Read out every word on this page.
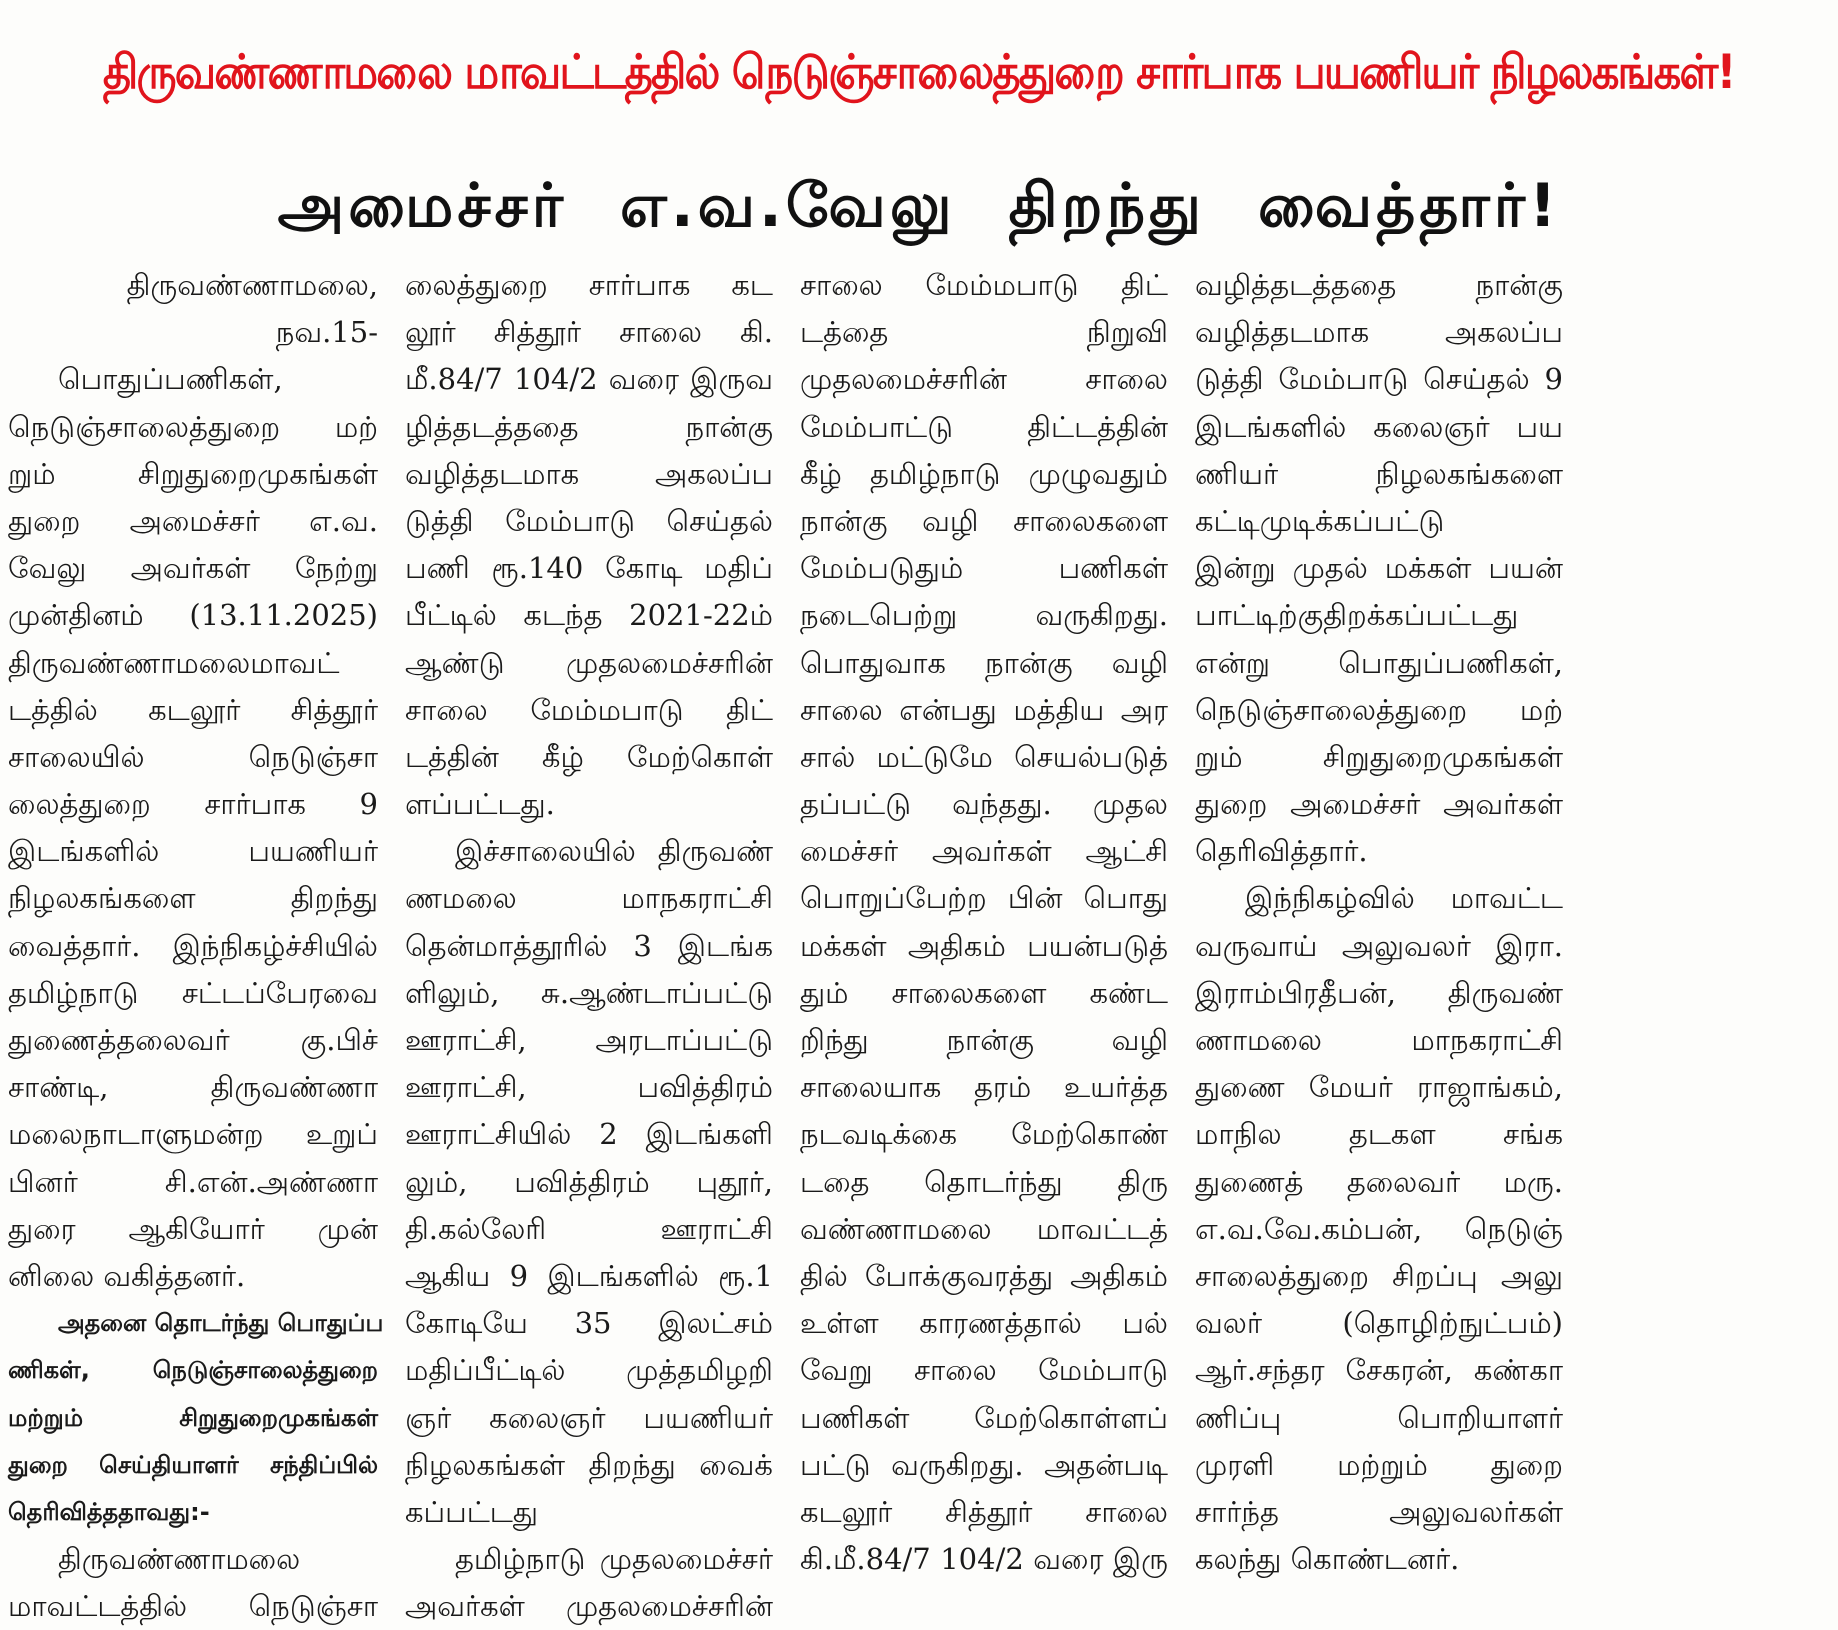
திருவண்ணாமலை மாவட்டத்தில் நெடுஞ்சாலைத்துறை சார்பாக பயணியர் நிழலகங்கள்!
அமைச்சர் எ.வ.வேலு திறந்து வைத்தார்!
திருவண்ணாமலை,
நவ.15-
பொதுப்பணிகள்,
நெடுஞ்சாலைத்துறை மற்
றும் சிறுதுறைமுகங்கள்
துறை அமைச்சர் எ.வ.
வேலு அவர்கள் நேற்று
முன்தினம் (13.11.2025)
திருவண்ணாமலைமாவட்
டத்தில் கடலூர் சித்தூர்
சாலையில் நெடுஞ்சா
லைத்துறை சார்பாக 9
இடங்களில் பயணியர்
நிழலகங்களை திறந்து
வைத்தார். இந்நிகழ்ச்சியில்
தமிழ்நாடு சட்டப்பேரவை
துணைத்தலைவர் கு.பிச்
சாண்டி, திருவண்ணா
மலைநாடாளுமன்ற உறுப்
பினர் சி.என்.அண்ணா
துரை ஆகியோர் முன்
னிலை வகித்தனர்.
அதனை தொடர்ந்து பொதுப்ப
ணிகள், நெடுஞ்சாலைத்துறை
மற்றும் சிறுதுறைமுகங்கள்
துறை செய்தியாளர் சந்திப்பில்
தெரிவித்ததாவது:-
திருவண்ணாமலை
மாவட்டத்தில் நெடுஞ்சா
லைத்துறை சார்பாக கட
லூர் சித்தூர் சாலை கி.
மீ.84/7 104/2 வரை இருவ
ழித்தடத்ததை நான்கு
வழித்தடமாக அகலப்ப
டுத்தி மேம்பாடு செய்தல்
பணி ரூ.140 கோடி மதிப்
பீட்டில் கடந்த 2021-22ம்
ஆண்டு முதலமைச்சரின்
சாலை மேம்மபாடு திட்
டத்தின் கீழ் மேற்கொள்
ளப்பட்டது.
இச்சாலையில் திருவண்
ணமலை மாநகராட்சி
தென்மாத்தூரில் 3 இடங்க
ளிலும், சு.ஆண்டாப்பட்டு
ஊராட்சி, அரடாப்பட்டு
ஊராட்சி, பவித்திரம்
ஊராட்சியில் 2 இடங்களி
லும், பவித்திரம் புதூர்,
தி.கல்லேரி ஊராட்சி
ஆகிய 9 இடங்களில் ரூ.1
கோடியே 35 இலட்சம்
மதிப்பீட்டில் முத்தமிழறி
ஞர் கலைஞர் பயணியர்
நிழலகங்கள் திறந்து வைக்
கப்பட்டது
தமிழ்நாடு முதலமைச்சர்
அவர்கள் முதலமைச்சரின்
சாலை மேம்மபாடு திட்
டத்தை நிறுவி
முதலமைச்சரின் சாலை
மேம்பாட்டு திட்டத்தின்
கீழ் தமிழ்நாடு முழுவதும்
நான்கு வழி சாலைகளை
மேம்படுதும் பணிகள்
நடைபெற்று வருகிறது.
பொதுவாக நான்கு வழி
சாலை என்பது மத்திய அர
சால் மட்டுமே செயல்படுத்
தப்பட்டு வந்தது. முதல
மைச்சர் அவர்கள் ஆட்சி
பொறுப்பேற்ற பின் பொது
மக்கள் அதிகம் பயன்படுத்
தும் சாலைகளை கண்ட
றிந்து நான்கு வழி
சாலையாக தரம் உயர்த்த
நடவடிக்கை மேற்கொண்
டதை தொடர்ந்து திரு
வண்ணாமலை மாவட்டத்
தில் போக்குவரத்து அதிகம்
உள்ள காரணத்தால் பல்
வேறு சாலை மேம்பாடு
பணிகள் மேற்கொள்ளப்
பட்டு வருகிறது. அதன்படி
கடலூர் சித்தூர் சாலை
கி.மீ.84/7 104/2 வரை இரு
வழித்தடத்ததை நான்கு
வழித்தடமாக அகலப்ப
டுத்தி மேம்பாடு செய்தல் 9
இடங்களில் கலைஞர் பய
ணியர் நிழலகங்களை
கட்டிமுடிக்கப்பட்டு
இன்று முதல் மக்கள் பயன்
பாட்டிற்குதிறக்கப்பட்டது
என்று பொதுப்பணிகள்,
நெடுஞ்சாலைத்துறை மற்
றும் சிறுதுறைமுகங்கள்
துறை அமைச்சர் அவர்கள்
தெரிவித்தார்.
இந்நிகழ்வில் மாவட்ட
வருவாய் அலுவலர் இரா.
இராம்பிரதீபன், திருவண்
ணாமலை மாநகராட்சி
துணை மேயர் ராஜாங்கம்,
மாநில தடகள சங்க
துணைத் தலைவர் மரு.
எ.வ.வே.கம்பன், நெடுஞ்
சாலைத்துறை சிறப்பு அலு
வலர் (தொழிற்நுட்பம்)
ஆர்.சந்தர சேகரன், கண்கா
ணிப்பு பொறியாளர்
முரளி மற்றும் துறை
சார்ந்த அலுவலர்கள்
கலந்து கொண்டனர்.
